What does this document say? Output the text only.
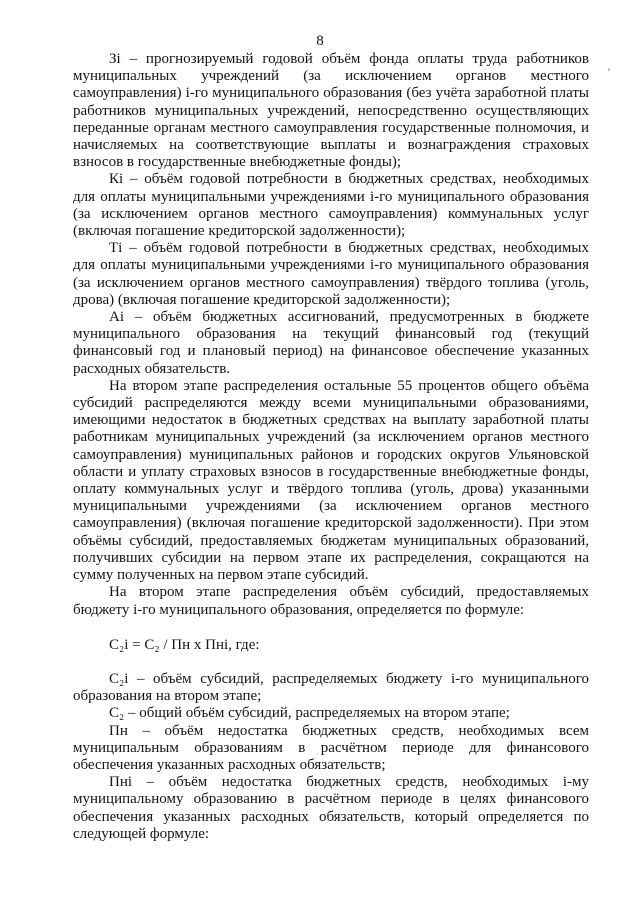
8
'

Зi – прогнозируемый годовой объём фонда оплаты труда работников муниципальных учреждений (за исключением органов местного самоуправления) i-го муниципального образования (без учёта заработной платы работников муниципальных учреждений, непосредственно осуществляющих переданные органам местного самоуправления государственные полномочия, и начисляемых на соответствующие выплаты и вознаграждения страховых взносов в государственные внебюджетные фонды);

Кi – объём годовой потребности в бюджетных средствах, необходимых для оплаты муниципальными учреждениями i-го муниципального образования (за исключением органов местного самоуправления) коммунальных услуг (включая погашение кредиторской задолженности);

Тi – объём годовой потребности в бюджетных средствах, необходимых для оплаты муниципальными учреждениями i-го муниципального образования (за исключением органов местного самоуправления) твёрдого топлива (уголь, дрова) (включая погашение кредиторской задолженности);

Аi – объём бюджетных ассигнований, предусмотренных в бюджете муниципального образования на текущий финансовый год (текущий финансовый год и плановый период) на финансовое обеспечение указанных расходных обязательств.

На втором этапе распределения остальные 55 процентов общего объёма субсидий распределяются между всеми муниципальными образованиями, имеющими недостаток в бюджетных средствах на выплату заработной платы работникам муниципальных учреждений (за исключением органов местного самоуправления) муниципальных районов и городских округов Ульяновской области и уплату страховых взносов в государственные внебюджетные фонды, оплату коммунальных услуг и твёрдого топлива (уголь, дрова) указанными муниципальными учреждениями (за исключением органов местного самоуправления) (включая погашение кредиторской задолженности). При этом объёмы субсидий, предоставляемых бюджетам муниципальных образований, получивших субсидии на первом этапе их распределения, сокращаются на сумму полученных на первом этапе субсидий.

На втором этапе распределения объём субсидий, предоставляемых бюджету i-го муниципального образования, определяется по формуле:

С₂i = С₂ / Пн х Пнi, где:

С₂i – объём субсидий, распределяемых бюджету i-го муниципального образования на втором этапе;

С₂ – общий объём субсидий, распределяемых на втором этапе;

Пн – объём недостатка бюджетных средств, необходимых всем муниципальным образованиям в расчётном периоде для финансового обеспечения указанных расходных обязательств;

Пнi – объём недостатка бюджетных средств, необходимых i-му муниципальному образованию в расчётном периоде в целях финансового обеспечения указанных расходных обязательств, который определяется по следующей формуле:
